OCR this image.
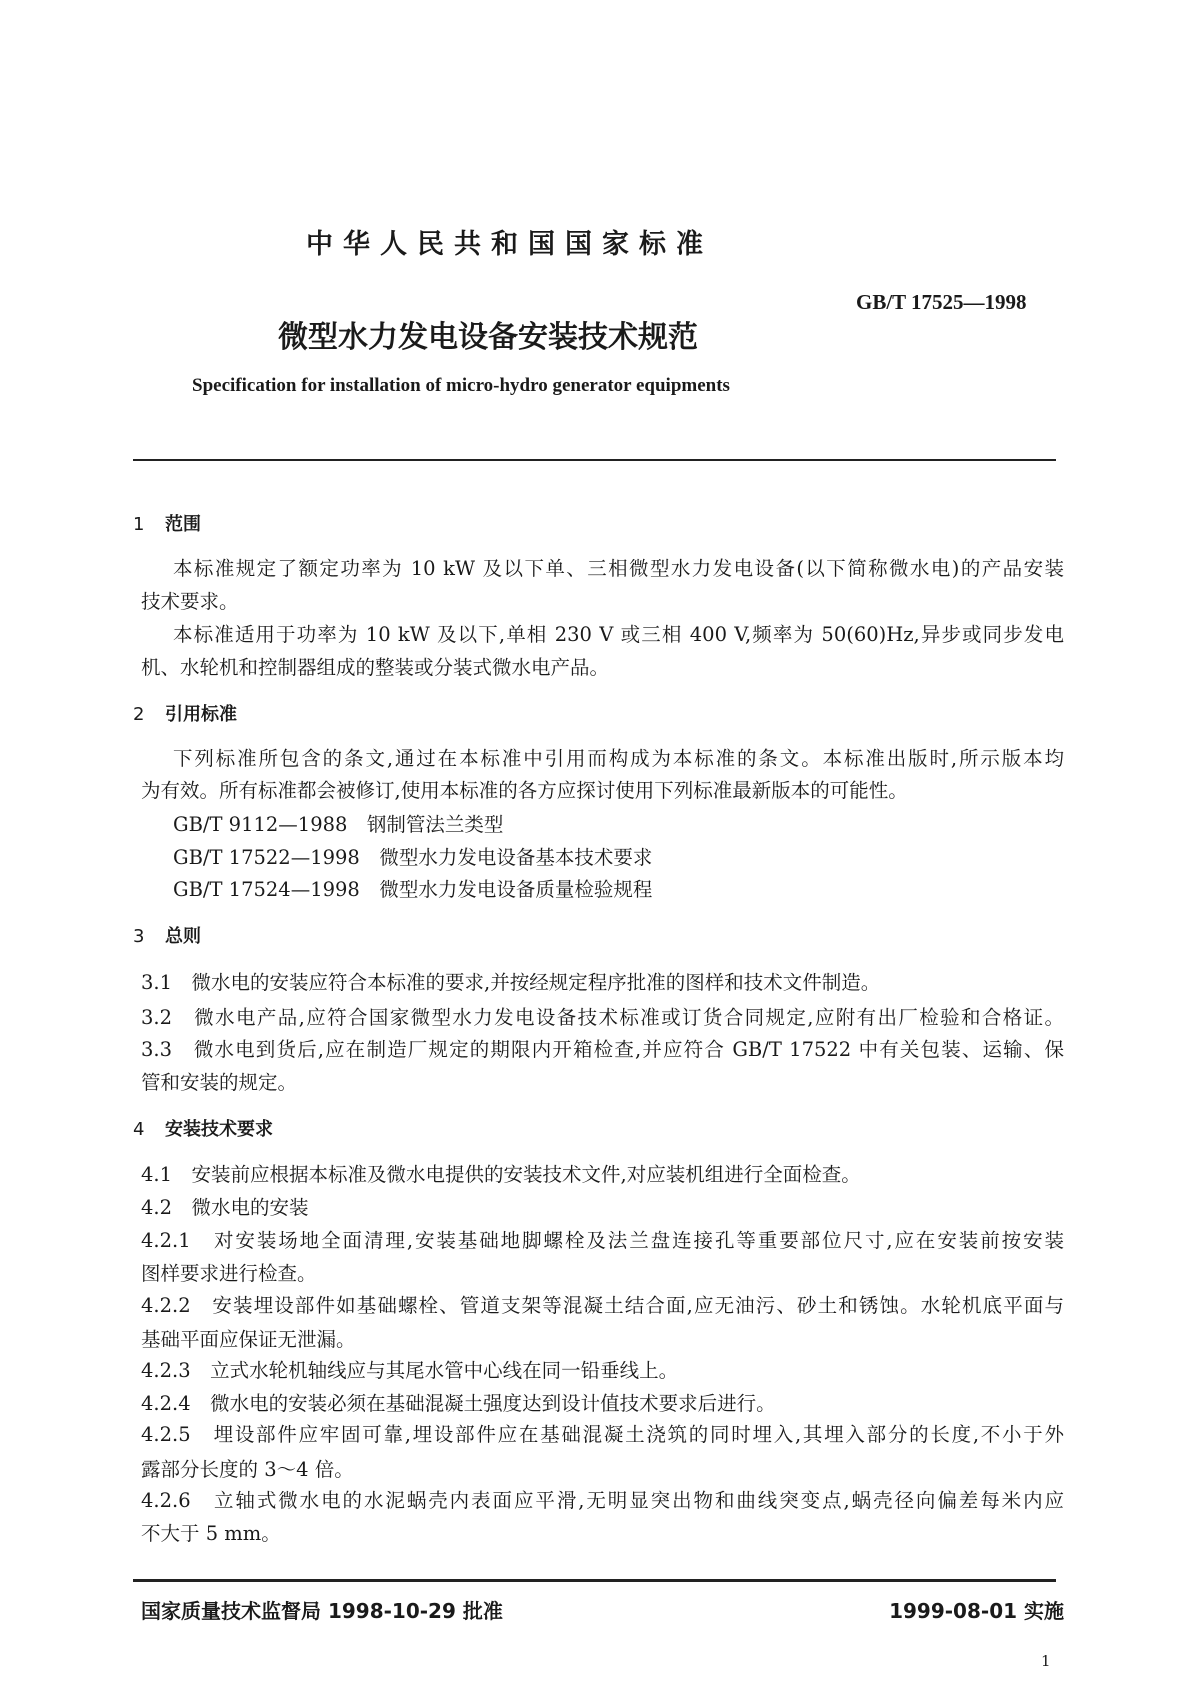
中华人民共和国国家标准
GB/T 17525—1998
微型水力发电设备安装技术规范
Specification for installation of micro-hydro generator equipments
1 范围
本标准规定了额定功率为 10 kW 及以下单、三相微型水力发电设备(以下简称微水电)的产品安装
技术要求。
本标准适用于功率为 10 kW 及以下,单相 230 V 或三相 400 V,频率为 50(60)Hz,异步或同步发电
机、水轮机和控制器组成的整装或分装式微水电产品。
2 引用标准
下列标准所包含的条文,通过在本标准中引用而构成为本标准的条文。本标准出版时,所示版本均
为有效。所有标准都会被修订,使用本标准的各方应探讨使用下列标准最新版本的可能性。
GB/T 9112—1988　钢制管法兰类型
GB/T 17522—1998　微型水力发电设备基本技术要求
GB/T 17524—1998　微型水力发电设备质量检验规程
3 总则
3.1　微水电的安装应符合本标准的要求,并按经规定程序批准的图样和技术文件制造。
3.2　微水电产品,应符合国家微型水力发电设备技术标准或订货合同规定,应附有出厂检验和合格证。
3.3　微水电到货后,应在制造厂规定的期限内开箱检查,并应符合 GB/T 17522 中有关包装、运输、保
管和安装的规定。
4 安装技术要求
4.1　安装前应根据本标准及微水电提供的安装技术文件,对应装机组进行全面检查。
4.2　微水电的安装
4.2.1　对安装场地全面清理,安装基础地脚螺栓及法兰盘连接孔等重要部位尺寸,应在安装前按安装
图样要求进行检查。
4.2.2　安装埋设部件如基础螺栓、管道支架等混凝土结合面,应无油污、砂土和锈蚀。水轮机底平面与
基础平面应保证无泄漏。
4.2.3　立式水轮机轴线应与其尾水管中心线在同一铅垂线上。
4.2.4　微水电的安装必须在基础混凝土强度达到设计值技术要求后进行。
4.2.5　埋设部件应牢固可靠,埋设部件应在基础混凝土浇筑的同时埋入,其埋入部分的长度,不小于外
露部分长度的 3～4 倍。
4.2.6　立轴式微水电的水泥蜗壳内表面应平滑,无明显突出物和曲线突变点,蜗壳径向偏差每米内应
不大于 5 mm。
国家质量技术监督局 1998-10-29 批准	1999-08-01 实施
1
